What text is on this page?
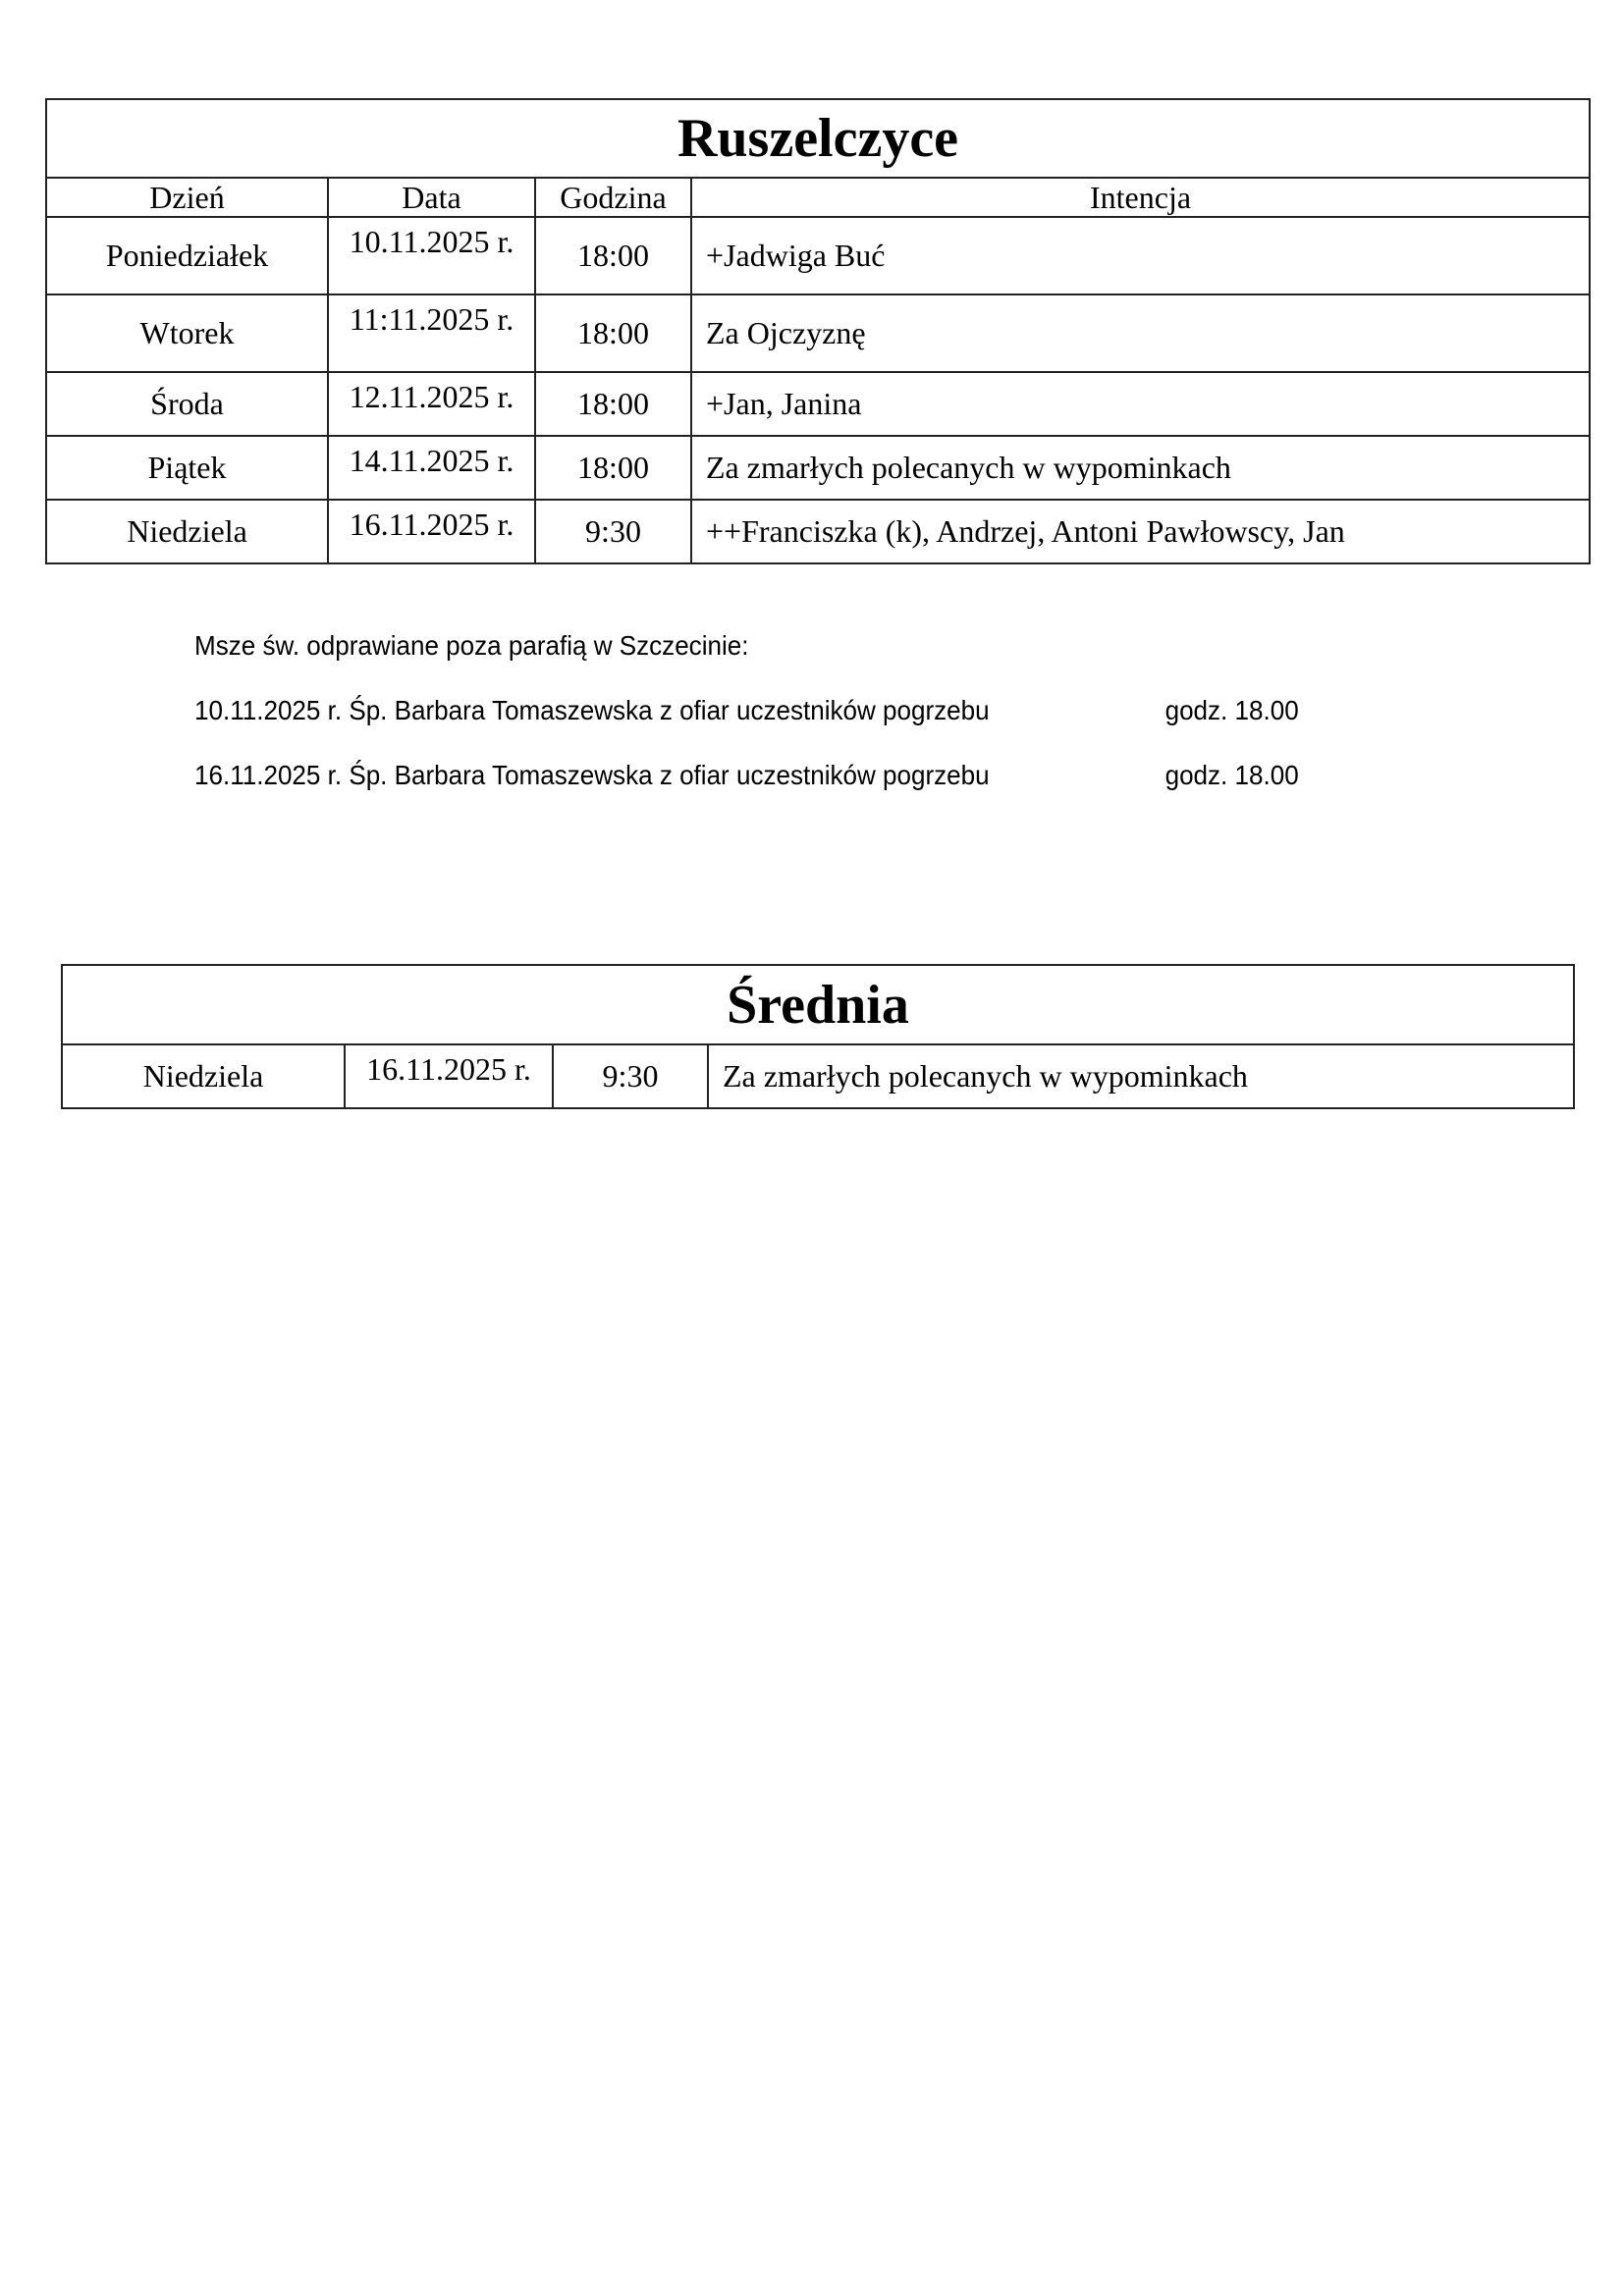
Ruszelczyce			
Dzień	Data	Godzina	Intencja
Poniedziałek	10.11.2025 r.	18:00	+Jadwiga Buć
Wtorek	11:11.2025 r.	18:00	Za Ojczyznę
Środa	12.11.2025 r.	18:00	+Jan, Janina
Piątek	14.11.2025 r.	18:00	Za zmarłych polecanych w wypominkach
Niedziela	16.11.2025 r.	9:30	++Franciszka (k), Andrzej, Antoni Pawłowscy, Jan
Msze św. odprawiane poza parafią w Szczecinie:
10.11.2025 r. Śp. Barbara Tomaszewska z ofiar uczestników pogrzebu	godz. 18.00
16.11.2025 r. Śp. Barbara Tomaszewska z ofiar uczestników pogrzebu	godz. 18.00
Średnia
Niedziela	16.11.2025 r.	9:30	Za zmarłych polecanych w wypominkach
